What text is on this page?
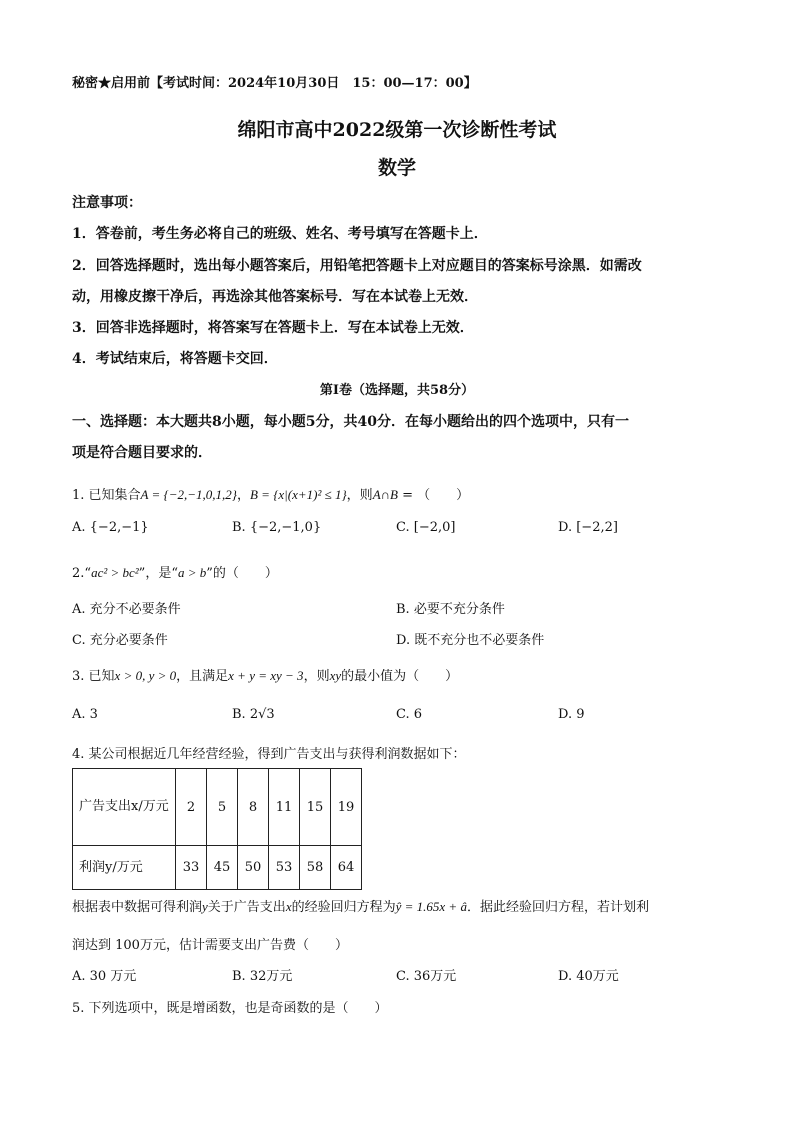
秘密★启用前【考试时间：2024年10月30日　15：00—17：00】
绵阳市高中2022级第一次诊断性考试
数学
注意事项：
1．答卷前，考生务必将自己的班级、姓名、考号填写在答题卡上．
2．回答选择题时，选出每小题答案后，用铅笔把答题卡上对应题目的答案标号涂黑．如需改
动，用橡皮擦干净后，再选涂其他答案标号．写在本试卷上无效．
3．回答非选择题时，将答案写在答题卡上．写在本试卷上无效．
4．考试结束后，将答题卡交回．
第Ⅰ卷（选择题，共58分）
一、选择题：本大题共8小题，每小题5分，共40分．在每小题给出的四个选项中，只有一
项是符合题目要求的．
1. 已知集合A = {−2,−1,0,1,2}，B = {x|(x+1)² ≤ 1}，则A∩B = （　　）
A. {−2,−1}	B. {−2,−1,0}	C. [−2,0]	D. [−2,2]
2.“ac² > bc²”，是“a > b”的（　　）
A. 充分不必要条件	B. 必要不充分条件
C. 充分必要条件	D. 既不充分也不必要条件
3. 已知x > 0, y > 0，且满足x + y = xy − 3，则xy的最小值为（　　）
A. 3	B. 2√3	C. 6	D. 9
4. 某公司根据近几年经营经验，得到广告支出与获得利润数据如下：
广告支出x/万元	2	5	8	11	15	19
利润y/万元	33	45	50	53	58	64
根据表中数据可得利润y关于广告支出x的经验回归方程为ŷ = 1.65x + â．据此经验回归方程，若计划利
润达到 100万元，估计需要支出广告费（　　）
A. 30 万元	B. 32万元	C. 36万元	D. 40万元
5. 下列选项中，既是增函数，也是奇函数的是（　　）
